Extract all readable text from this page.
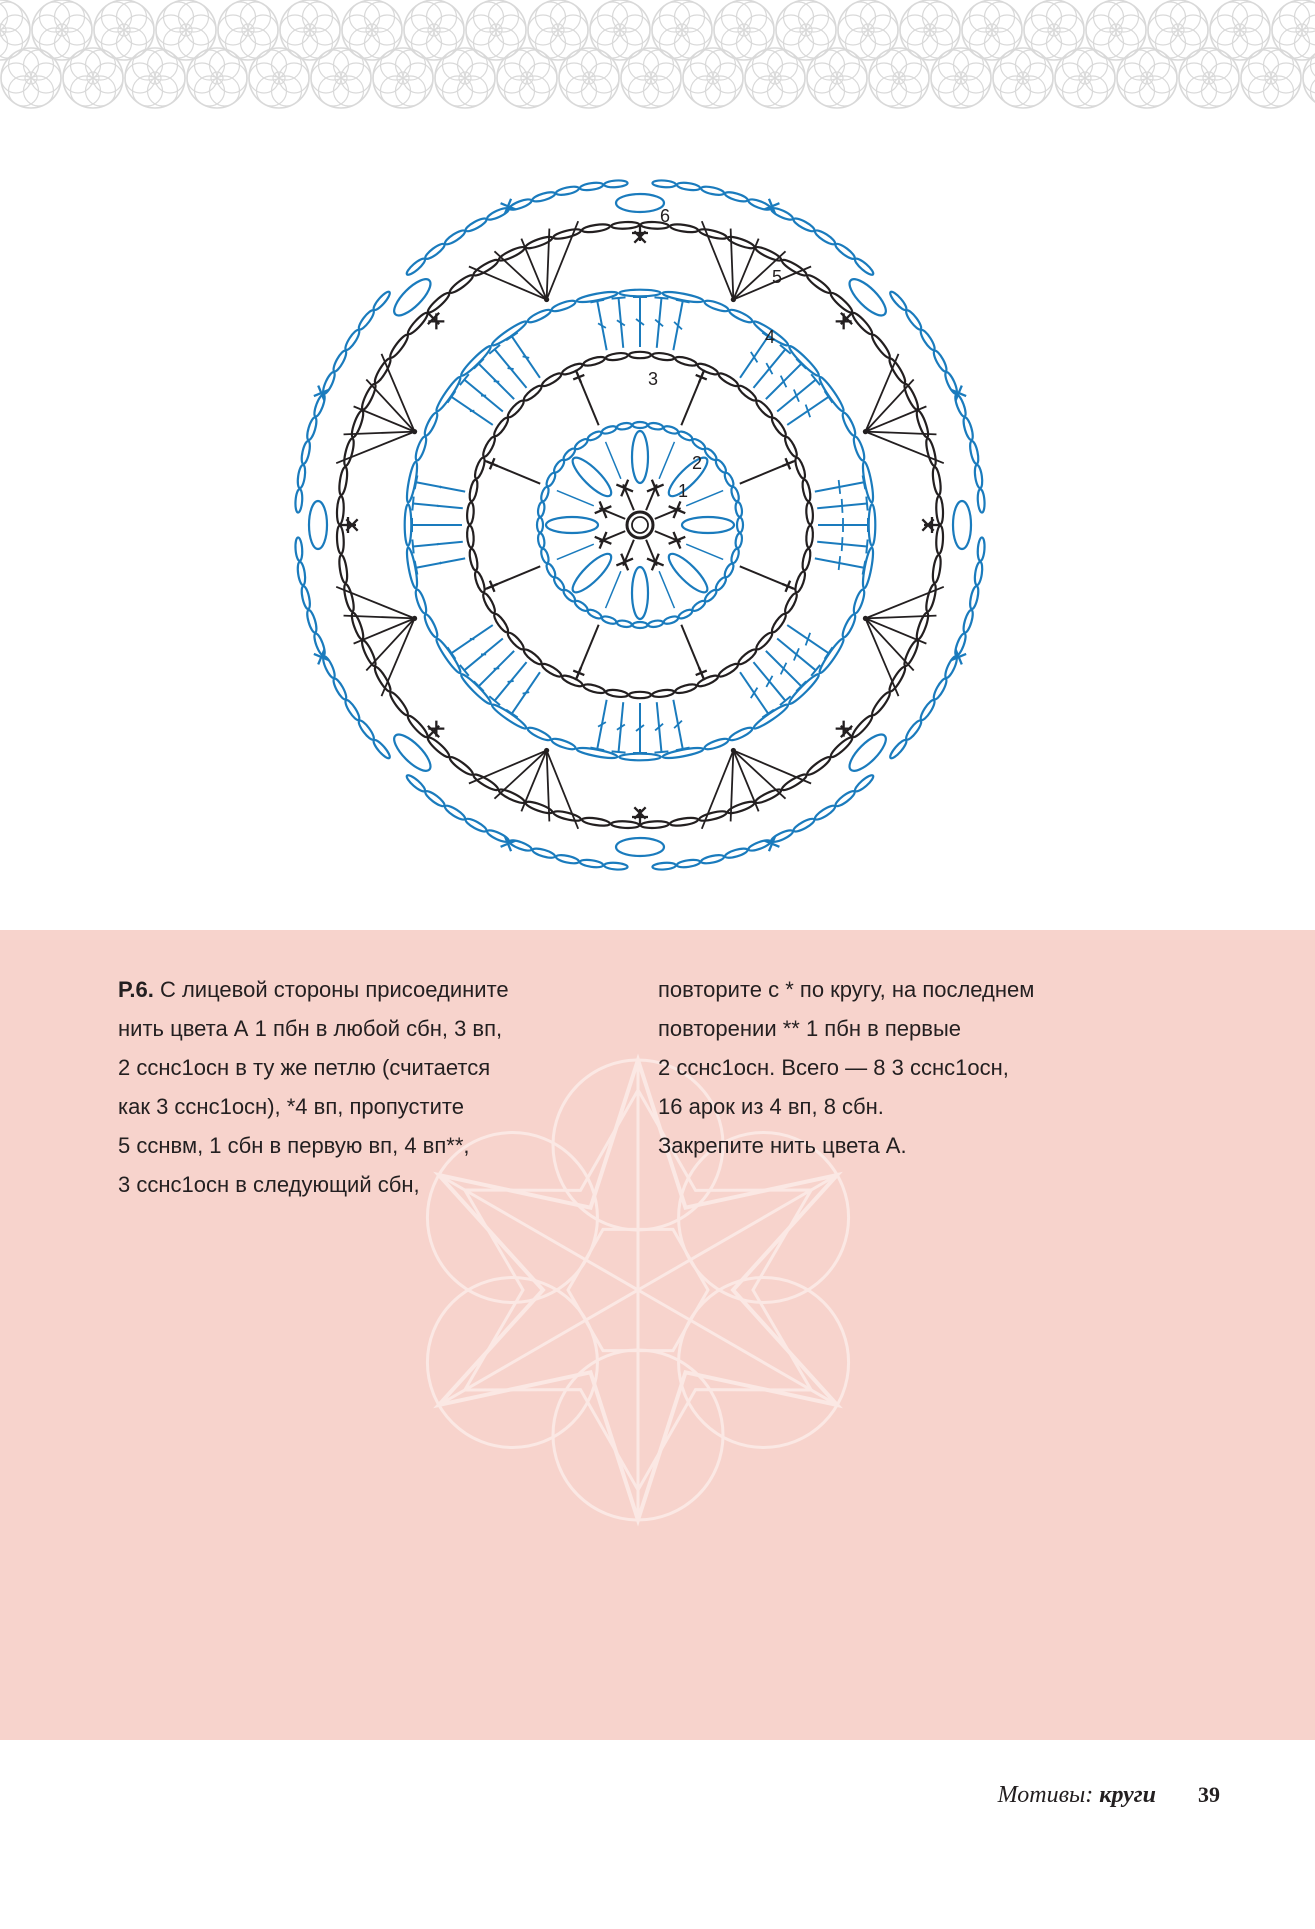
1
2
3
4
5
6
Р.6. С лицевой стороны присоедините
нить цвета А 1 пбн в любой сбн, 3 вп,
2 сснс​1осн в ту же петлю (считается
как 3 сснс​1осн), *4 вп, пропустите
5 сснвм, 1 сбн в первую вп, 4 вп**,
3 сснс​1осн в следующий сбн,
повторите с * по кругу, на последнем
повторении ** 1 пбн в первые
2 сснс​1осн. Всего — 8 3 сснс​1осн,
16 арок из 4 вп, 8 сбн.
Закрепите нить цвета А.
Мотивы: круги 39
